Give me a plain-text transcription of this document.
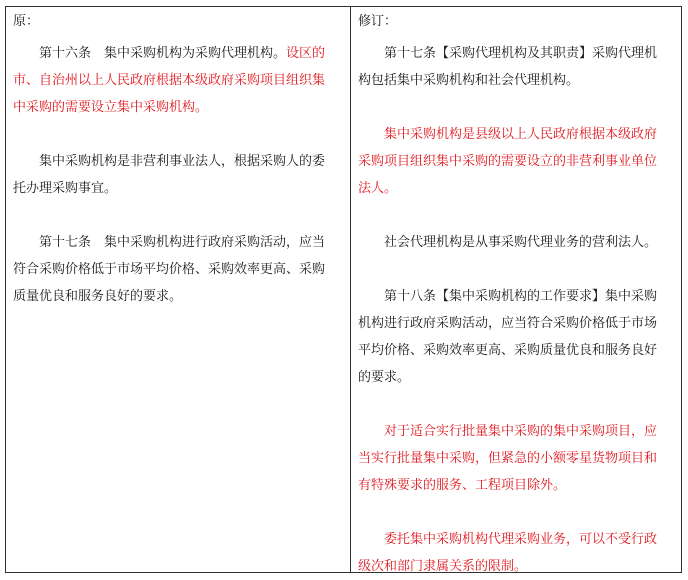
原：
　　第十六条　集中采购机构为采购代理机构。设区的
市、自治州以上人民政府根据本级政府采购项目组织集
中采购的需要设立集中采购机构。
　　集中采购机构是非营利事业法人，根据采购人的委
托办理采购事宜。
　　第十七条　集中采购机构进行政府采购活动，应当
符合采购价格低于市场平均价格、采购效率更高、采购
质量优良和服务良好的要求。
修订：
　　第十七条【采购代理机构及其职责】采购代理机
构包括集中采购机构和社会代理机构。
　　集中采购机构是县级以上人民政府根据本级政府
采购项目组织集中采购的需要设立的非营利事业单位
法人。
　　社会代理机构是从事采购代理业务的营利法人。
　　第十八条【集中采购机构的工作要求】集中采购
机构进行政府采购活动，应当符合采购价格低于市场
平均价格、采购效率更高、采购质量优良和服务良好
的要求。
　　对于适合实行批量集中采购的集中采购项目，应
当实行批量集中采购，但紧急的小额零星货物项目和
有特殊要求的服务、工程项目除外。
　　委托集中采购机构代理采购业务，可以不受行政
级次和部门隶属关系的限制。
